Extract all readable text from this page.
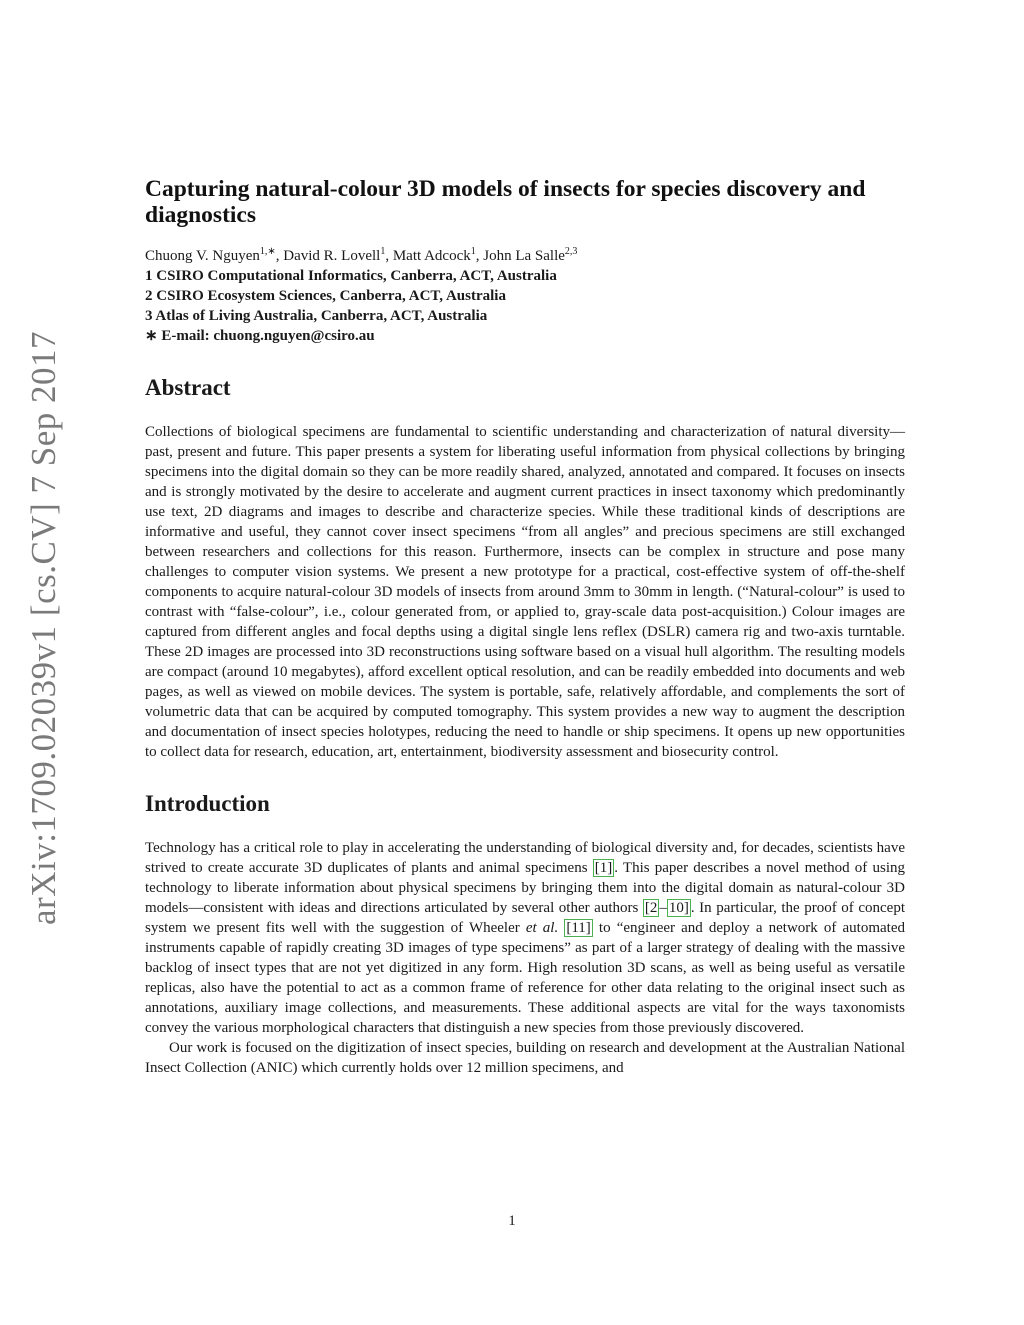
arXiv:1709.02039v1 [cs.CV] 7 Sep 2017
Capturing natural-colour 3D models of insects for species discovery and diagnostics
Chuong V. Nguyen$^{1,∗}$, David R. Lovell$^1$, Matt Adcock$^1$, John La Salle$^{2,3}$
1 CSIRO Computational Informatics, Canberra, ACT, Australia
2 CSIRO Ecosystem Sciences, Canberra, ACT, Australia
3 Atlas of Living Australia, Canberra, ACT, Australia
∗ E-mail: chuong.nguyen@csiro.au
Abstract

Collections of biological specimens are fundamental to scientific understanding and characterization of natural diversity—past, present and future. This paper presents a system for liberating useful information from physical collections by bringing specimens into the digital domain so they can be more readily shared, analyzed, annotated and compared. It focuses on insects and is strongly motivated by the desire to accelerate and augment current practices in insect taxonomy which predominantly use text, 2D diagrams and images to describe and characterize species. While these traditional kinds of descriptions are informative and useful, they cannot cover insect specimens “from all angles” and precious specimens are still exchanged between researchers and collections for this reason. Furthermore, insects can be complex in structure and pose many challenges to computer vision systems. We present a new prototype for a practical, cost-effective system of off-the-shelf components to acquire natural-colour 3D models of insects from around 3mm to 30mm in length. (“Natural-colour” is used to contrast with “false-colour”, i.e., colour generated from, or applied to, gray-scale data post-acquisition.) Colour images are captured from different angles and focal depths using a digital single lens reflex (DSLR) camera rig and two-axis turntable. These 2D images are processed into 3D reconstructions using software based on a visual hull algorithm. The resulting models are compact (around 10 megabytes), afford excellent optical resolution, and can be readily embedded into documents and web pages, as well as viewed on mobile devices. The system is portable, safe, relatively affordable, and complements the sort of volumetric data that can be acquired by computed tomography. This system provides a new way to augment the description and documentation of insect species holotypes, reducing the need to handle or ship specimens. It opens up new opportunities to collect data for research, education, art, entertainment, biodiversity assessment and biosecurity control.

Introduction

Technology has a critical role to play in accelerating the understanding of biological diversity and, for decades, scientists have strived to create accurate 3D duplicates of plants and animal specimens [1] . This paper describes a novel method of using technology to liberate information about physical specimens by bringing them into the digital domain as natural-colour 3D models—consistent with ideas and directions articulated by several other authors [2 – 10] . In particular, the proof of concept system we present fits well with the suggestion of Wheeler et al. [11] to “engineer and deploy a network of automated instruments capable of rapidly creating 3D images of type specimens” as part of a larger strategy of dealing with the massive backlog of insect types that are not yet digitized in any form. High resolution 3D scans, as well as being useful as versatile replicas, also have the potential to act as a common frame of reference for other data relating to the original insect such as annotations, auxiliary image collections, and measurements. These additional aspects are vital for the ways taxonomists convey the various morphological characters that distinguish a new species from those previously discovered.

Our work is focused on the digitization of insect species, building on research and development at the Australian National Insect Collection (ANIC) which currently holds over 12 million specimens, and

1
